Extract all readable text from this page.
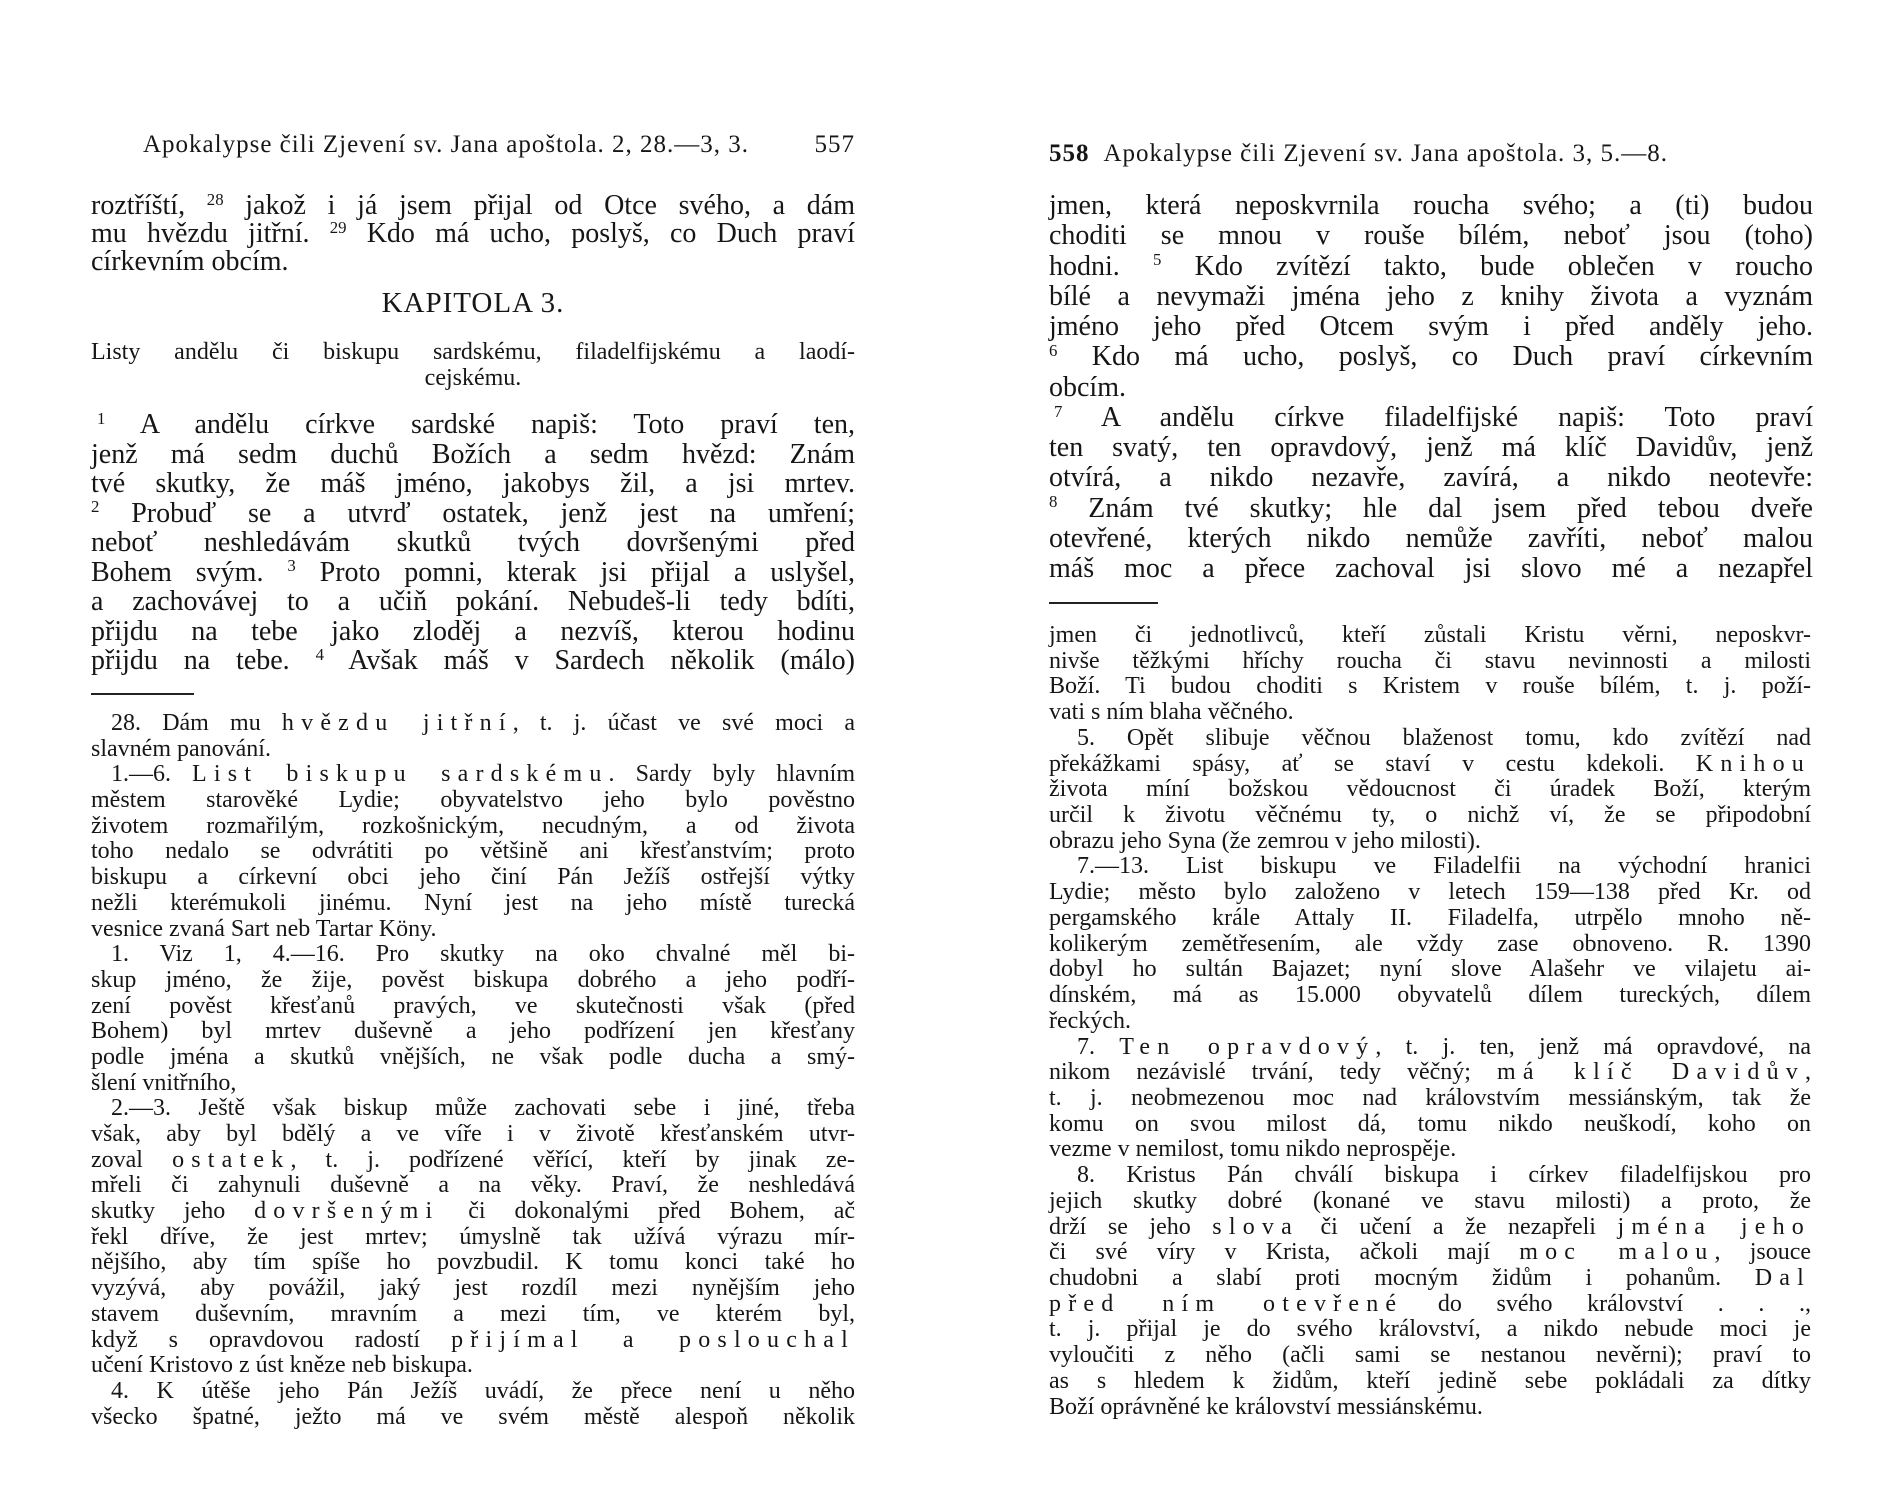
Apokalypse čili Zjevení sv. Jana apoštola. 2, 28.—3, 3.	557
roztříští, $^{28}$ jakož i já jsem přijal od Otce svého, a dám
mu hvězdu jitřní. $^{29}$ Kdo má ucho, poslyš, co Duch praví
církevním obcím.
KAPITOLA 3.
Listy andělu či biskupu sardskému, filadelfijskému a laodí-
cejskému.
$^1$ A andělu církve sardské napiš: Toto praví ten,
jenž má sedm duchů Božích a sedm hvězd: Znám
tvé skutky, že máš jméno, jakobys žil, a jsi mrtev.
$^2$ Probuď se a utvrď ostatek, jenž jest na umření;
neboť neshledávám skutků tvých dovršenými před
Bohem svým. $^3$ Proto pomni, kterak jsi přijal a uslyšel,
a zachovávej to a učiň pokání. Nebudeš-li tedy bdíti,
přijdu na tebe jako zloděj a nezvíš, kterou hodinu
přijdu na tebe. $^4$ Avšak máš v Sardech několik (málo)
28. Dám mu hvězdu jitřní, t. j. účast ve své moci a
slavném panování.
1.—6. List biskupu sardskému. Sardy byly hlavním
městem starověké Lydie; obyvatelstvo jeho bylo pověstno
životem rozmařilým, rozkošnickým, necudným, a od života
toho nedalo se odvrátiti po většině ani křesťanstvím; proto
biskupu a církevní obci jeho činí Pán Ježíš ostřejší výtky
nežli kterémukoli jinému. Nyní jest na jeho místě turecká
vesnice zvaná Sart neb Tartar Köny.
1. Viz 1, 4.—16. Pro skutky na oko chvalné měl bi-
skup jméno, že žije, pověst biskupa dobrého a jeho podří-
zení pověst křesťanů pravých, ve skutečnosti však (před
Bohem) byl mrtev duševně a jeho podřízení jen křesťany
podle jména a skutků vnějších, ne však podle ducha a smý-
šlení vnitřního,
2.—3. Ještě však biskup může zachovati sebe i jiné, třeba
však, aby byl bdělý a ve víře i v životě křesťanském utvr-
zoval ostatek, t. j. podřízené věřící, kteří by jinak ze-
mřeli či zahynuli duševně a na věky. Praví, že neshledává
skutky jeho dovršenými či dokonalými před Bohem, ač
řekl dříve, že jest mrtev; úmyslně tak užívá výrazu mír-
nějšího, aby tím spíše ho povzbudil. K tomu konci také ho
vyzývá, aby povážil, jaký jest rozdíl mezi nynějším jeho
stavem duševním, mravním a mezi tím, ve kterém byl,
když s opravdovou radostí přijímal a poslouchal
učení Kristovo z úst kněze neb biskupa.
4. K útěše jeho Pán Ježíš uvádí, že přece není u něho
všecko špatné, ježto má ve svém městě alespoň několik
558 Apokalypse čili Zjevení sv. Jana apoštola. 3, 5.—8.
jmen, která neposkvrnila roucha svého; a (ti) budou
choditi se mnou v rouše bílém, neboť jsou (toho)
hodni. $^5$ Kdo zvítězí takto, bude oblečen v roucho
bílé a nevymaži jména jeho z knihy života a vyznám
jméno jeho před Otcem svým i před anděly jeho.
$^6$ Kdo má ucho, poslyš, co Duch praví církevním
obcím.
$^7$ A andělu církve filadelfijské napiš: Toto praví
ten svatý, ten opravdový, jenž má klíč Davidův, jenž
otvírá, a nikdo nezavře, zavírá, a nikdo neotevře:
$^8$ Znám tvé skutky; hle dal jsem před tebou dveře
otevřené, kterých nikdo nemůže zavříti, neboť malou
máš moc a přece zachoval jsi slovo mé a nezapřel
jmen či jednotlivců, kteří zůstali Kristu věrni, neposkvr-
nivše těžkými hříchy roucha či stavu nevinnosti a milosti
Boží. Ti budou choditi s Kristem v rouše bílém, t. j. poží-
vati s ním blaha věčného.
5. Opět slibuje věčnou blaženost tomu, kdo zvítězí nad
překážkami spásy, ať se staví v cestu kdekoli. Knihou
života míní božskou vědoucnost či úradek Boží, kterým
určil k životu věčnému ty, o nichž ví, že se připodobní
obrazu jeho Syna (že zemrou v jeho milosti).
7.—13. List biskupu ve Filadelfii na východní hranici
Lydie; město bylo založeno v letech 159—138 před Kr. od
pergamského krále Attaly II. Filadelfa, utrpělo mnoho ně-
kolikerým zemětřesením, ale vždy zase obnoveno. R. 1390
dobyl ho sultán Bajazet; nyní slove Alašehr ve vilajetu ai-
dínském, má as 15.000 obyvatelů dílem tureckých, dílem
řeckých.
7. Ten opravdový, t. j. ten, jenž má opravdové, na
nikom nezávislé trvání, tedy věčný; má klíč Davidův,
t. j. neobmezenou moc nad královstvím messiánským, tak že
komu on svou milost dá, tomu nikdo neuškodí, koho on
vezme v nemilost, tomu nikdo neprospěje.
8. Kristus Pán chválí biskupa i církev filadelfijskou pro
jejich skutky dobré (konané ve stavu milosti) a proto, že
drží se jeho slova či učení a že nezapřeli jména jeho
či své víry v Krista, ačkoli mají moc malou, jsouce
chudobni a slabí proti mocným židům i pohanům. Dal
před ním otevřené do svého království . . .,
t. j. přijal je do svého království, a nikdo nebude moci je
vyloučiti z něho (ačli sami se nestanou nevěrni); praví to
as s hledem k židům, kteří jedině sebe pokládali za dítky
Boží oprávněné ke království messiánskému.
